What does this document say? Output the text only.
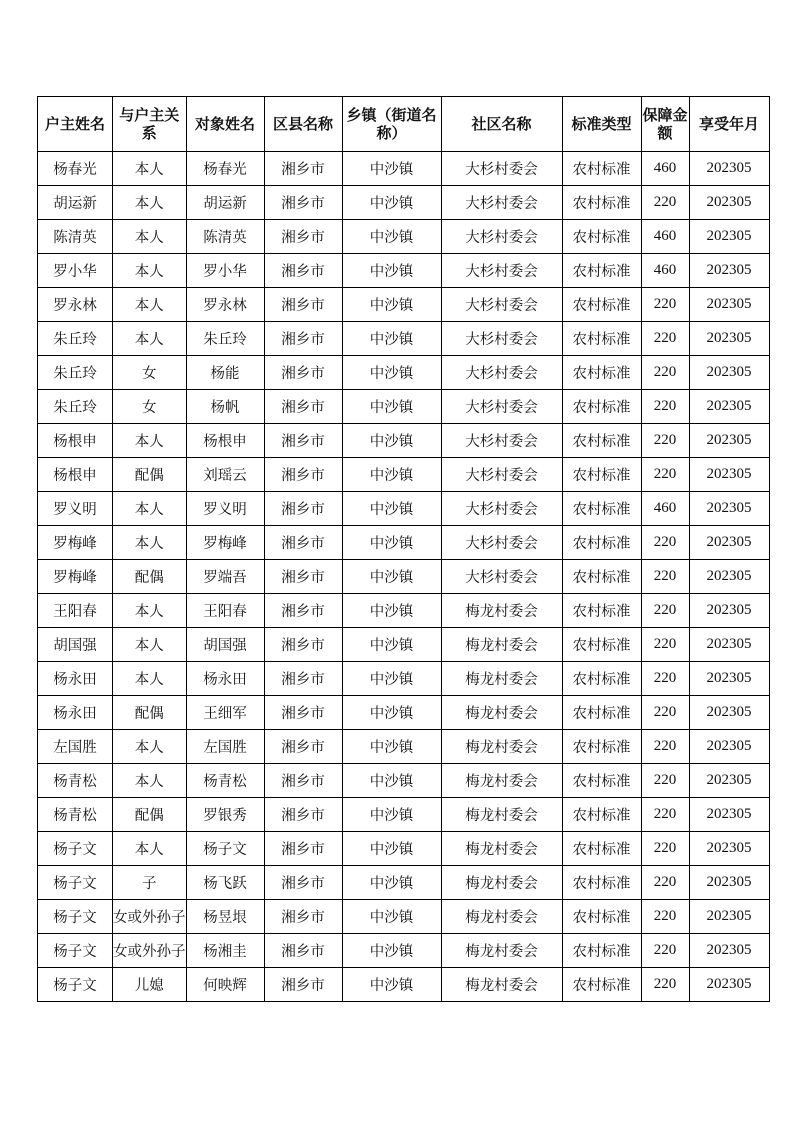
户主姓名	与户主关系	对象姓名	区县名称	乡镇（街道名称）	社区名称	标准类型	保障金额	享受年月
杨春光	本人	杨春光	湘乡市	中沙镇	大杉村委会	农村标准	460	202305
胡运新	本人	胡运新	湘乡市	中沙镇	大杉村委会	农村标准	220	202305
陈清英	本人	陈清英	湘乡市	中沙镇	大杉村委会	农村标准	460	202305
罗小华	本人	罗小华	湘乡市	中沙镇	大杉村委会	农村标准	460	202305
罗永林	本人	罗永林	湘乡市	中沙镇	大杉村委会	农村标准	220	202305
朱丘玲	本人	朱丘玲	湘乡市	中沙镇	大杉村委会	农村标准	220	202305
朱丘玲	女	杨能	湘乡市	中沙镇	大杉村委会	农村标准	220	202305
朱丘玲	女	杨帆	湘乡市	中沙镇	大杉村委会	农村标准	220	202305
杨根申	本人	杨根申	湘乡市	中沙镇	大杉村委会	农村标准	220	202305
杨根申	配偶	刘瑶云	湘乡市	中沙镇	大杉村委会	农村标准	220	202305
罗义明	本人	罗义明	湘乡市	中沙镇	大杉村委会	农村标准	460	202305
罗梅峰	本人	罗梅峰	湘乡市	中沙镇	大杉村委会	农村标准	220	202305
罗梅峰	配偶	罗端吾	湘乡市	中沙镇	大杉村委会	农村标准	220	202305
王阳春	本人	王阳春	湘乡市	中沙镇	梅龙村委会	农村标准	220	202305
胡国强	本人	胡国强	湘乡市	中沙镇	梅龙村委会	农村标准	220	202305
杨永田	本人	杨永田	湘乡市	中沙镇	梅龙村委会	农村标准	220	202305
杨永田	配偶	王细军	湘乡市	中沙镇	梅龙村委会	农村标准	220	202305
左国胜	本人	左国胜	湘乡市	中沙镇	梅龙村委会	农村标准	220	202305
杨青松	本人	杨青松	湘乡市	中沙镇	梅龙村委会	农村标准	220	202305
杨青松	配偶	罗银秀	湘乡市	中沙镇	梅龙村委会	农村标准	220	202305
杨子文	本人	杨子文	湘乡市	中沙镇	梅龙村委会	农村标准	220	202305
杨子文	子	杨飞跃	湘乡市	中沙镇	梅龙村委会	农村标准	220	202305
杨子文	女或外孙子	杨昱垠	湘乡市	中沙镇	梅龙村委会	农村标准	220	202305
杨子文	女或外孙子	杨湘圭	湘乡市	中沙镇	梅龙村委会	农村标准	220	202305
杨子文	儿媳	何映辉	湘乡市	中沙镇	梅龙村委会	农村标准	220	202305
